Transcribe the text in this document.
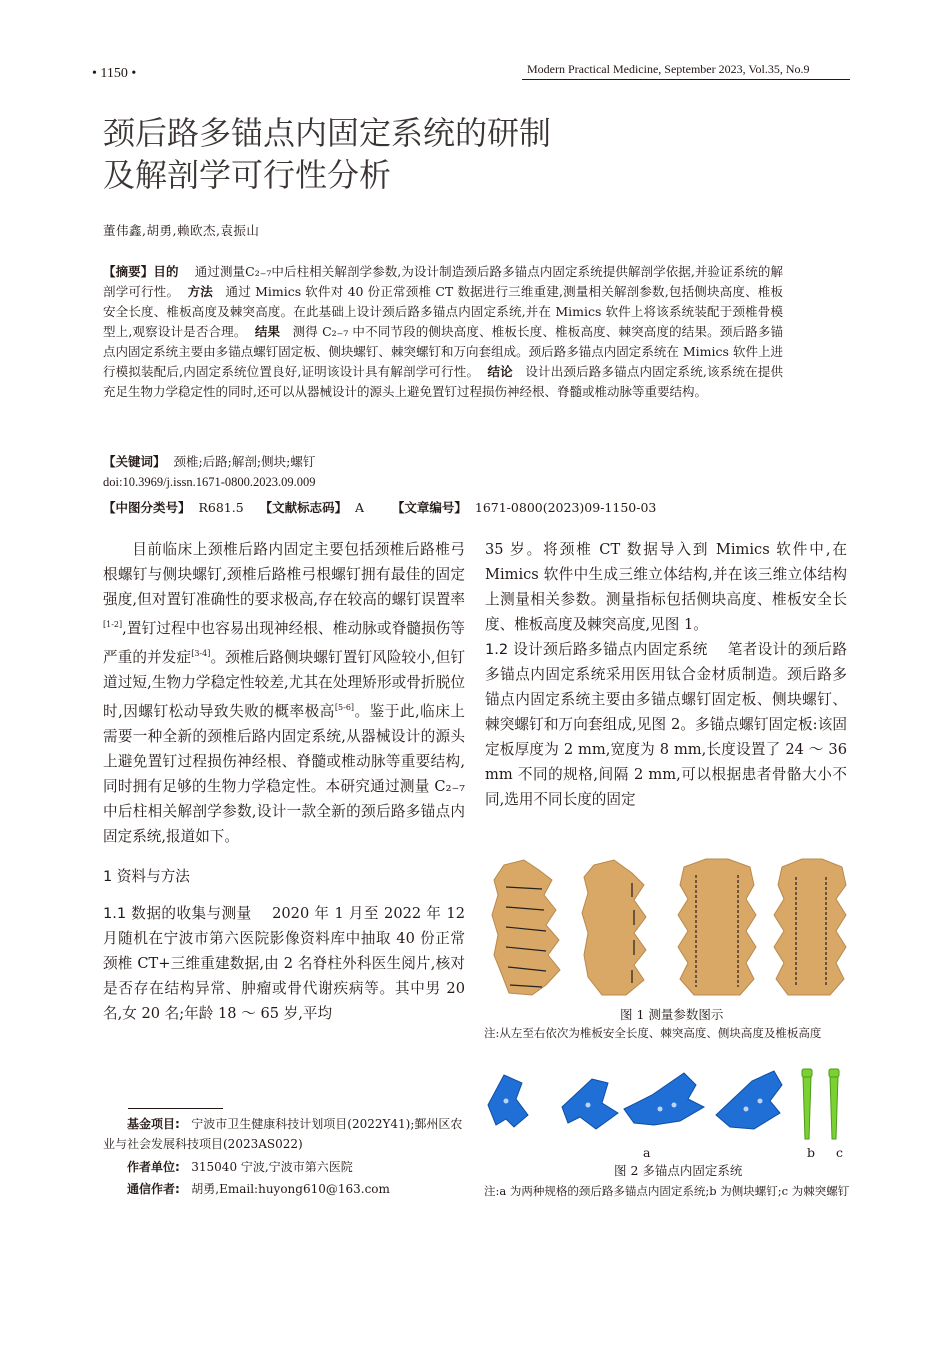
• 1150 •	Modern Practical Medicine, September 2023, Vol.35, No.9
颈后路多锚点内固定系统的研制
及解剖学可行性分析
董伟鑫,胡勇,赖欧杰,袁振山
【摘要】目的 通过测量C₂₋₇中后柱相关解剖学参数,为设计制造颈后路多锚点内固定系统提供解剖学依据,并验证系统的解剖学可行性。 方法 通过 Mimics 软件对 40 份正常颈椎 CT 数据进行三维重建,测量相关解剖参数,包括侧块高度、椎板安全长度、椎板高度及棘突高度。在此基础上设计颈后路多锚点内固定系统,并在 Mimics 软件上将该系统装配于颈椎骨模型上,观察设计是否合理。 结果 测得 C₂₋₇ 中不同节段的侧块高度、椎板长度、椎板高度、棘突高度的结果。颈后路多锚点内固定系统主要由多锚点螺钉固定板、侧块螺钉、棘突螺钉和万向套组成。颈后路多锚点内固定系统在 Mimics 软件上进行模拟装配后,内固定系统位置良好,证明该设计具有解剖学可行性。 结论 设计出颈后路多锚点内固定系统,该系统在提供充足生物力学稳定性的同时,还可以从器械设计的源头上避免置钉过程损伤神经根、脊髓或椎动脉等重要结构。
【关键词】 颈椎;后路;解剖;侧块;螺钉
doi:10.3969/j.issn.1671-0800.2023.09.009
【中图分类号】 R681.5 【文献标志码】 A 【文章编号】 1671-0800(2023)09-1150-03

目前临床上颈椎后路内固定主要包括颈椎后路椎弓根螺钉与侧块螺钉,颈椎后路椎弓根螺钉拥有最佳的固定强度,但对置钉准确性的要求极高,存在较高的螺钉误置率[1-2],置钉过程中也容易出现神经根、椎动脉或脊髓损伤等严重的并发症[3-4]。颈椎后路侧块螺钉置钉风险较小,但钉道过短,生物力学稳定性较差,尤其在处理矫形或骨折脱位时,因螺钉松动导致失败的概率极高[5-6]。鉴于此,临床上需要一种全新的颈椎后路内固定系统,从器械设计的源头上避免置钉过程损伤神经根、脊髓或椎动脉等重要结构,同时拥有足够的生物力学稳定性。本研究通过测量 C₂₋₇ 中后柱相关解剖学参数,设计一款全新的颈后路多锚点内固定系统,报道如下。

1 资料与方法

1.1 数据的收集与测量 2020 年 1 月至 2022 年 12 月随机在宁波市第六医院影像资料库中抽取 40 份正常颈椎 CT+三维重建数据,由 2 名脊柱外科医生阅片,核对是否存在结构异常、肿瘤或骨代谢疾病等。其中男 20 名,女 20 名;年龄 18 ～ 65 岁,平均

35 岁。将颈椎 CT 数据导入到 Mimics 软件中,在 Mimics 软件中生成三维立体结构,并在该三维立体结构上测量相关参数。测量指标包括侧块高度、椎板安全长度、椎板高度及棘突高度,见图 1。

1.2 设计颈后路多锚点内固定系统 笔者设计的颈后路多锚点内固定系统采用医用钛合金材质制造。颈后路多锚点内固定系统主要由多锚点螺钉固定板、侧块螺钉、棘突螺钉和万向套组成,见图 2。多锚点螺钉固定板:该固定板厚度为 2 mm,宽度为 8 mm,长度设置了 24 ～ 36 mm 不同的规格,间隔 2 mm,可以根据患者骨骼大小不同,选用不同长度的固定

图 1 测量参数图示
注:从左至右依次为椎板安全长度、棘突高度、侧块高度及椎板高度
a	b c
图 2 多锚点内固定系统
注:a 为两种规格的颈后路多锚点内固定系统;b 为侧块螺钉;c 为棘突螺钉
基金项目: 宁波市卫生健康科技计划项目(2022Y41);鄞州区农业与社会发展科技项目(2023AS022)
作者单位: 315040 宁波,宁波市第六医院
通信作者: 胡勇,Email:huyong610@163.com
